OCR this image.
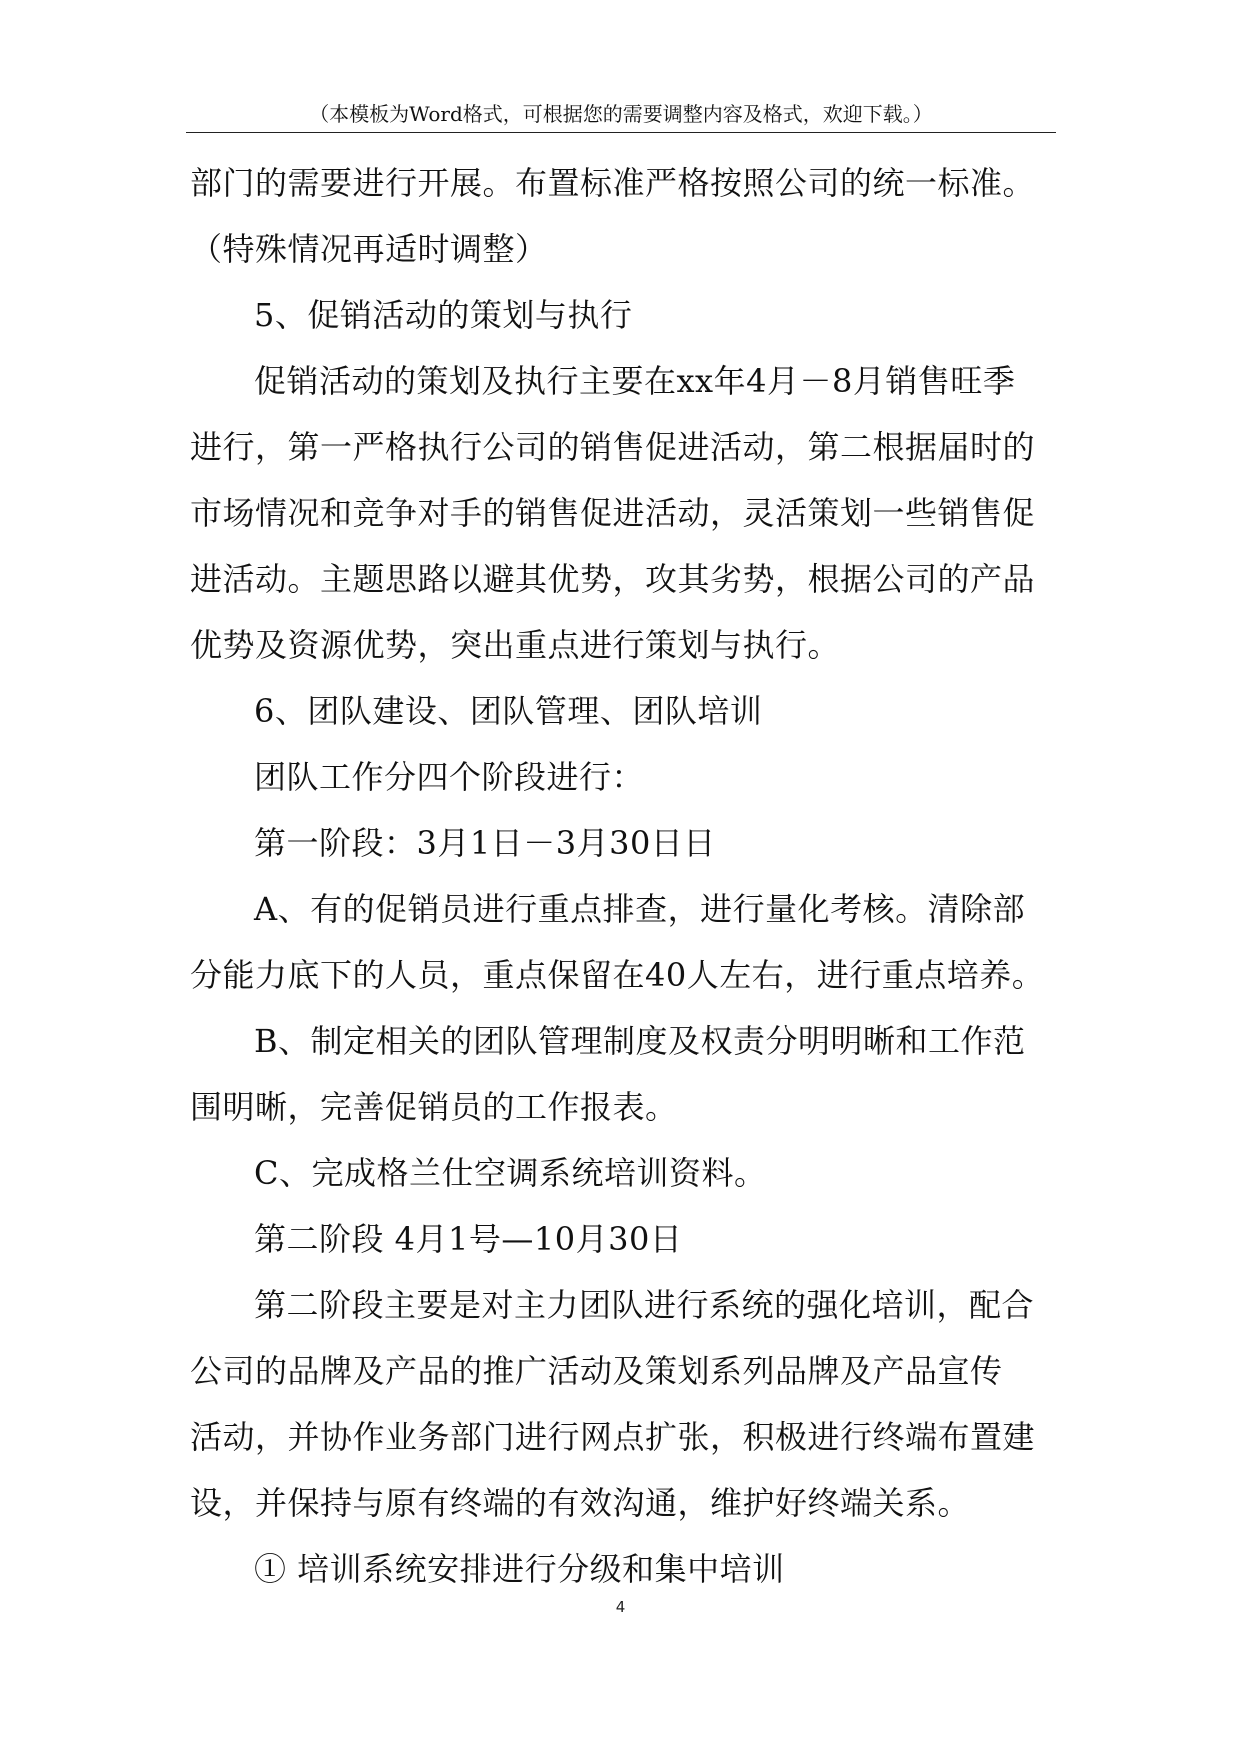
（本模板为Word格式，可根据您的需要调整内容及格式，欢迎下载。）
部门的需要进行开展。布置标准严格按照公司的统一标准。
（特殊情况再适时调整）
5、促销活动的策划与执行
促销活动的策划及执行主要在xx年4月－8月销售旺季
进行，第一严格执行公司的销售促进活动，第二根据届时的
市场情况和竞争对手的销售促进活动，灵活策划一些销售促
进活动。主题思路以避其优势，攻其劣势，根据公司的产品
优势及资源优势，突出重点进行策划与执行。
6、团队建设、团队管理、团队培训
团队工作分四个阶段进行：
第一阶段：3月1日－3月30日日
A、有的促销员进行重点排查，进行量化考核。清除部
分能力底下的人员，重点保留在40人左右，进行重点培养。
B、制定相关的团队管理制度及权责分明明晰和工作范
围明晰，完善促销员的工作报表。
C、完成格兰仕空调系统培训资料。
第二阶段 4月1号—10月30日
第二阶段主要是对主力团队进行系统的强化培训，配合
公司的品牌及产品的推广活动及策划系列品牌及产品宣传
活动，并协作业务部门进行网点扩张，积极进行终端布置建
设，并保持与原有终端的有效沟通，维护好终端关系。
① 培训系统安排进行分级和集中培训
4
